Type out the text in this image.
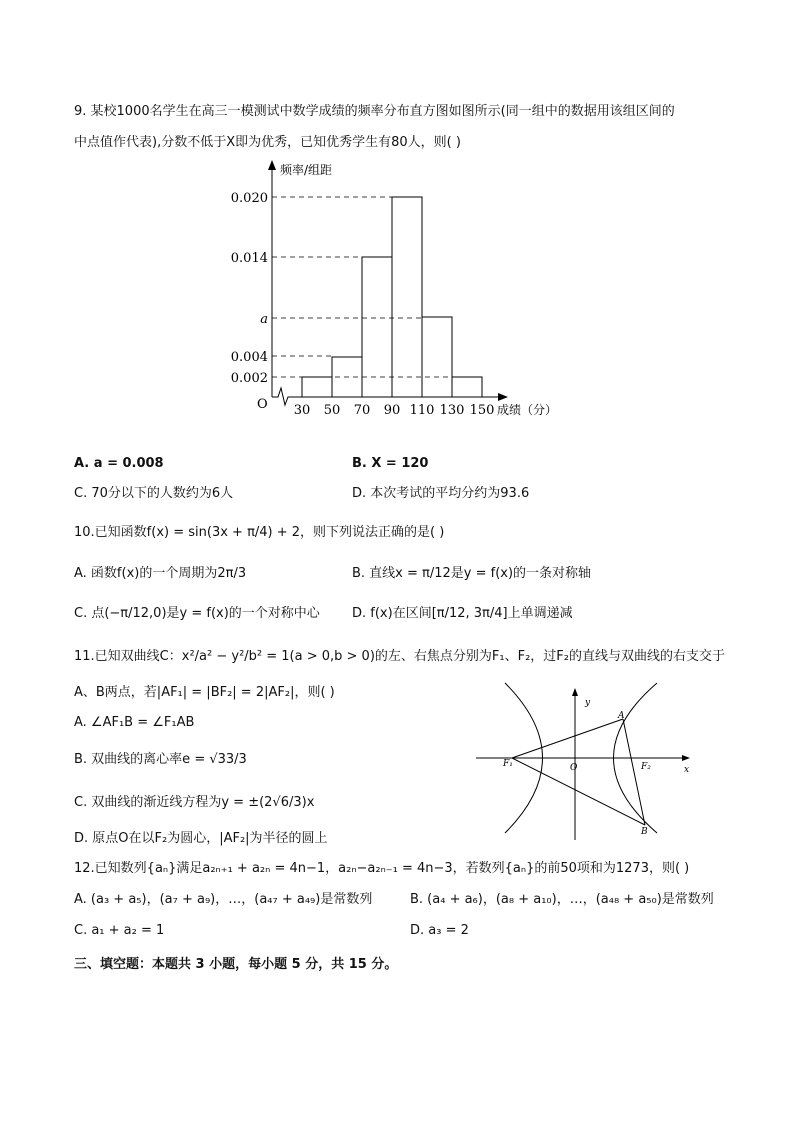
9. 某校1000名学生在高三一模测试中数学成绩的频率分布直方图如图所示(同一组中的数据用该组区间的
中点值作代表),分数不低于X即为优秀，已知优秀学生有80人，则( )
频率/组距
成绩（分）
O
0.020
0.014
a
0.004
0.002
30 50 70 90 110 130 150
F₁	F₂
O
A
B
x
y
A. a = 0.008	B. X = 120
C. 70分以下的人数约为6人	D. 本次考试的平均分约为93.6
10.已知函数f(x) = sin(3x + π/4) + 2，则下列说法正确的是( )
A. 函数f(x)的一个周期为2π/3	B. 直线x = π/12是y = f(x)的一条对称轴
C. 点(−π/12,0)是y = f(x)的一个对称中心 D. f(x)在区间[π/12, 3π/4]上单调递减
11.已知双曲线C：x²/a² − y²/b² = 1(a > 0,b > 0)的左、右焦点分别为F₁、F₂，过F₂的直线与双曲线的右支交于
A、B两点，若|AF₁| = |BF₂| = 2|AF₂|，则( )
A. ∠AF₁B = ∠F₁AB
B. 双曲线的离心率e = √33/3
C. 双曲线的渐近线方程为y = ±(2√6/3)x
D. 原点O在以F₂为圆心，|AF₂|为半径的圆上
12.已知数列{aₙ}满足a₂ₙ₊₁ + a₂ₙ = 4n−1，a₂ₙ−a₂ₙ₋₁ = 4n−3，若数列{aₙ}的前50项和为1273，则( )
A. (a₃ + a₅)，(a₇ + a₉)，…，(a₄₇ + a₄₉)是常数列	B. (a₄ + a₆)，(a₈ + a₁₀)，…，(a₄₈ + a₅₀)是常数列
C. a₁ + a₂ = 1	D. a₃ = 2
三、填空题：本题共 3 小题，每小题 5 分，共 15 分。
